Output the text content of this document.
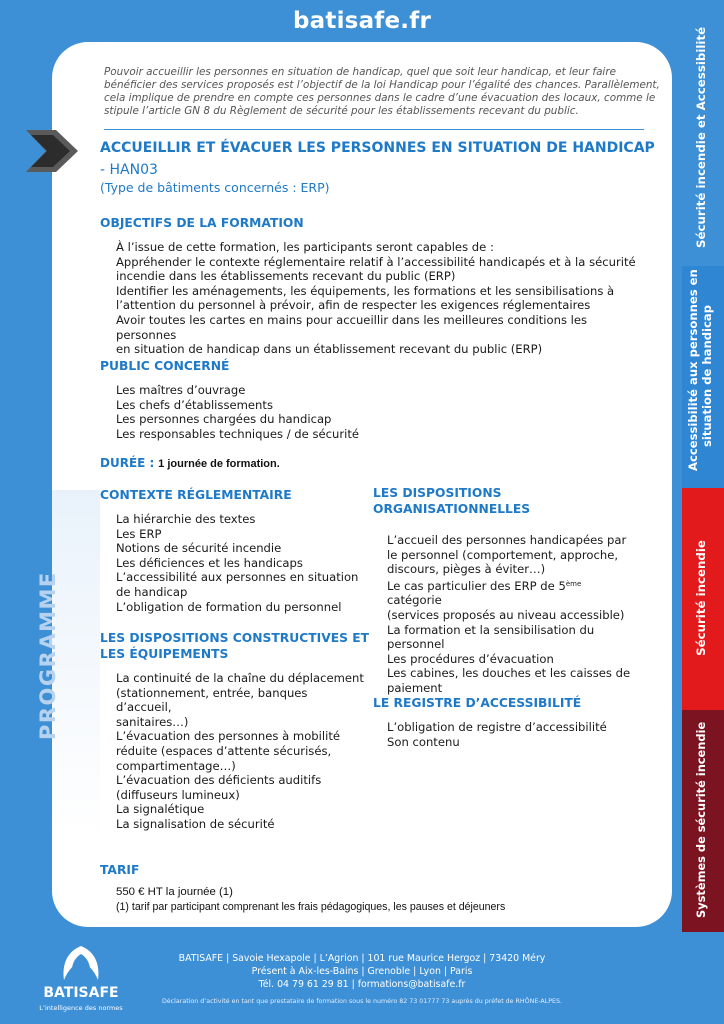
batisafe.fr
Pouvoir accueillir les personnes en situation de handicap, quel que soit leur handicap, et leur faire bénéficier des services proposés est l’objectif de la loi Handicap pour l’égalité des chances. Parallèlement, cela implique de prendre en compte ces personnes dans le cadre d’une évacuation des locaux, comme le stipule l’article GN 8 du Règlement de sécurité pour les établissements recevant du public.
PROGRAMME
ACCUEILLIR ET ÉVACUER LES PERSONNES EN SITUATION DE HANDICAP
- HAN03
(Type de bâtiments concernés : ERP)
OBJECTIFS DE LA FORMATION
À l’issue de cette formation, les participants seront capables de :
Appréhender le contexte réglementaire relatif à l’accessibilité handicapés et à la sécurité
incendie dans les établissements recevant du public (ERP)
Identifier les aménagements, les équipements, les formations et les sensibilisations à
l’attention du personnel à prévoir, afin de respecter les exigences réglementaires
Avoir toutes les cartes en mains pour accueillir dans les meilleures conditions les personnes
en situation de handicap dans un établissement recevant du public (ERP)
PUBLIC CONCERNÉ
Les maîtres d’ouvrage
Les chefs d’établissements
Les personnes chargées du handicap
Les responsables techniques / de sécurité
DURÉE : 1 journée de formation.
CONTEXTE RÉGLEMENTAIRE
La hiérarchie des textes
Les ERP
Notions de sécurité incendie
Les déficiences et les handicaps
L’accessibilité aux personnes en situation
de handicap
L’obligation de formation du personnel
LES DISPOSITIONS CONSTRUCTIVES ET
LES ÉQUIPEMENTS
La continuité de la chaîne du déplacement
(stationnement, entrée, banques d’accueil,
sanitaires…)
L’évacuation des personnes à mobilité
réduite (espaces d’attente sécurisés,
compartimentage…)
L’évacuation des déficients auditifs
(diffuseurs lumineux)
La signalétique
La signalisation de sécurité
LES DISPOSITIONS
ORGANISATIONNELLES
L’accueil des personnes handicapées par
le personnel (comportement, approche,
discours, pièges à éviter…)
Le cas particulier des ERP de 5ème catégorie
(services proposés au niveau accessible)
La formation et la sensibilisation du
personnel
Les procédures d’évacuation
Les cabines, les douches et les caisses de
paiement
LE REGISTRE D’ACCESSIBILITÉ
L’obligation de registre d’accessibilité
Son contenu
TARIF
550 € HT la journée (1)
(1) tarif par participant comprenant les frais pédagogiques, les pauses et déjeuners
Sécurité incendie et Accessibilité
Accessibilité aux personnes en situation de handicap
Sécurité incendie
Systèmes de sécurité incendie
BATISAFE
L’intelligence des normes
BATISAFE | Savoie Hexapole | L’Agrion | 101 rue Maurice Hergoz | 73420 Méry
Présent à Aix-les-Bains | Grenoble | Lyon | Paris
Tél. 04 79 61 29 81 | formations@batisafe.fr
Déclaration d’activité en tant que prestataire de formation sous le numéro 82 73 01777 73 auprès du préfet de RHÔNE-ALPES.
